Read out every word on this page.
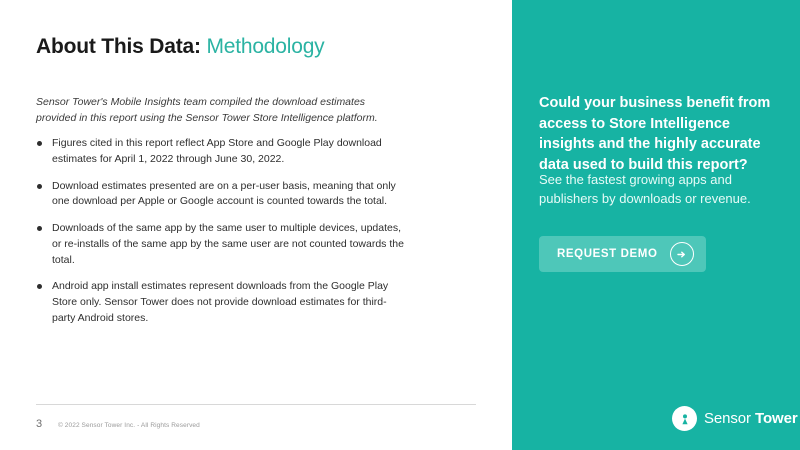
About This Data: Methodology
Sensor Tower's Mobile Insights team compiled the download estimates provided in this report using the Sensor Tower Store Intelligence platform.
Figures cited in this report reflect App Store and Google Play download estimates for April 1, 2022 through June 30, 2022.
Download estimates presented are on a per-user basis, meaning that only one download per Apple or Google account is counted towards the total.
Downloads of the same app by the same user to multiple devices, updates, or re-installs of the same app by the same user are not counted towards the total.
Android app install estimates represent downloads from the Google Play Store only. Sensor Tower does not provide download estimates for third-party Android stores.
3 © 2022 Sensor Tower Inc. - All Rights Reserved
Could your business benefit from access to Store Intelligence insights and the highly accurate data used to build this report?
See the fastest growing apps and publishers by downloads or revenue.
REQUEST DEMO
Sensor Tower
